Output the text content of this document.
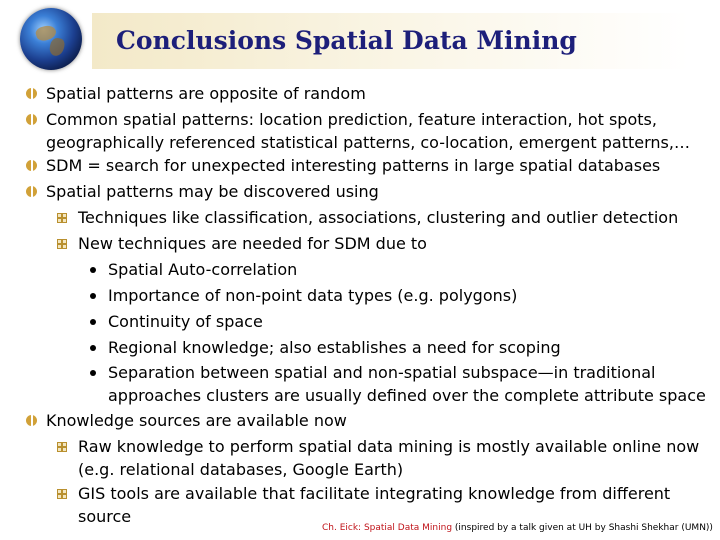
Conclusions Spatial Data Mining
Spatial patterns are opposite of random
Common spatial patterns: location prediction, feature interaction, hot spots,
geographically referenced statistical patterns, co-location, emergent patterns,…
SDM = search for unexpected interesting patterns in large spatial databases
Spatial patterns may be discovered using
Techniques like classification, associations, clustering and outlier detection
New techniques are needed for SDM due to
Spatial Auto-correlation
Importance of non-point data types (e.g. polygons)
Continuity of space
Regional knowledge; also establishes a need for scoping
Separation between spatial and non-spatial subspace—in traditional
approaches clusters are usually defined over the complete attribute space
Knowledge sources are available now
Raw knowledge to perform spatial data mining is mostly available online now
(e.g. relational databases, Google Earth)
GIS tools are available that facilitate integrating knowledge from different
source
Ch. Eick: Spatial Data Mining (inspired by a talk given at UH by Shashi Shekhar (UMN))
